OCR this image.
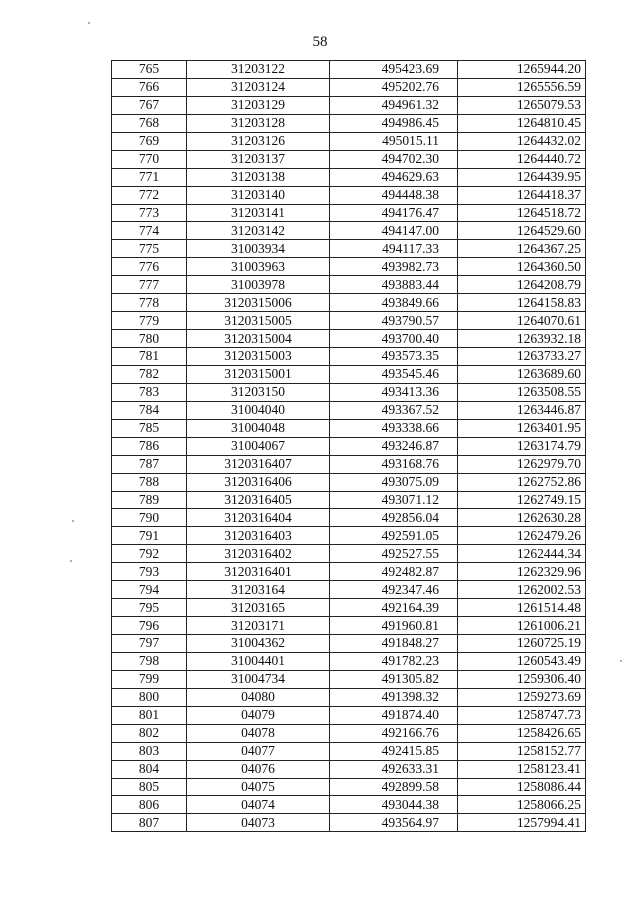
58
765	31203122	495423.69	1265944.20
766	31203124	495202.76	1265556.59
767	31203129	494961.32	1265079.53
768	31203128	494986.45	1264810.45
769	31203126	495015.11	1264432.02
770	31203137	494702.30	1264440.72
771	31203138	494629.63	1264439.95
772	31203140	494448.38	1264418.37
773	31203141	494176.47	1264518.72
774	31203142	494147.00	1264529.60
775	31003934	494117.33	1264367.25
776	31003963	493982.73	1264360.50
777	31003978	493883.44	1264208.79
778	3120315006	493849.66	1264158.83
779	3120315005	493790.57	1264070.61
780	3120315004	493700.40	1263932.18
781	3120315003	493573.35	1263733.27
782	3120315001	493545.46	1263689.60
783	31203150	493413.36	1263508.55
784	31004040	493367.52	1263446.87
785	31004048	493338.66	1263401.95
786	31004067	493246.87	1263174.79
787	3120316407	493168.76	1262979.70
788	3120316406	493075.09	1262752.86
789	3120316405	493071.12	1262749.15
790	3120316404	492856.04	1262630.28
791	3120316403	492591.05	1262479.26
792	3120316402	492527.55	1262444.34
793	3120316401	492482.87	1262329.96
794	31203164	492347.46	1262002.53
795	31203165	492164.39	1261514.48
796	31203171	491960.81	1261006.21
797	31004362	491848.27	1260725.19
798	31004401	491782.23	1260543.49
799	31004734	491305.82	1259306.40
800	04080	491398.32	1259273.69
801	04079	491874.40	1258747.73
802	04078	492166.76	1258426.65
803	04077	492415.85	1258152.77
804	04076	492633.31	1258123.41
805	04075	492899.58	1258086.44
806	04074	493044.38	1258066.25
807	04073	493564.97	1257994.41
